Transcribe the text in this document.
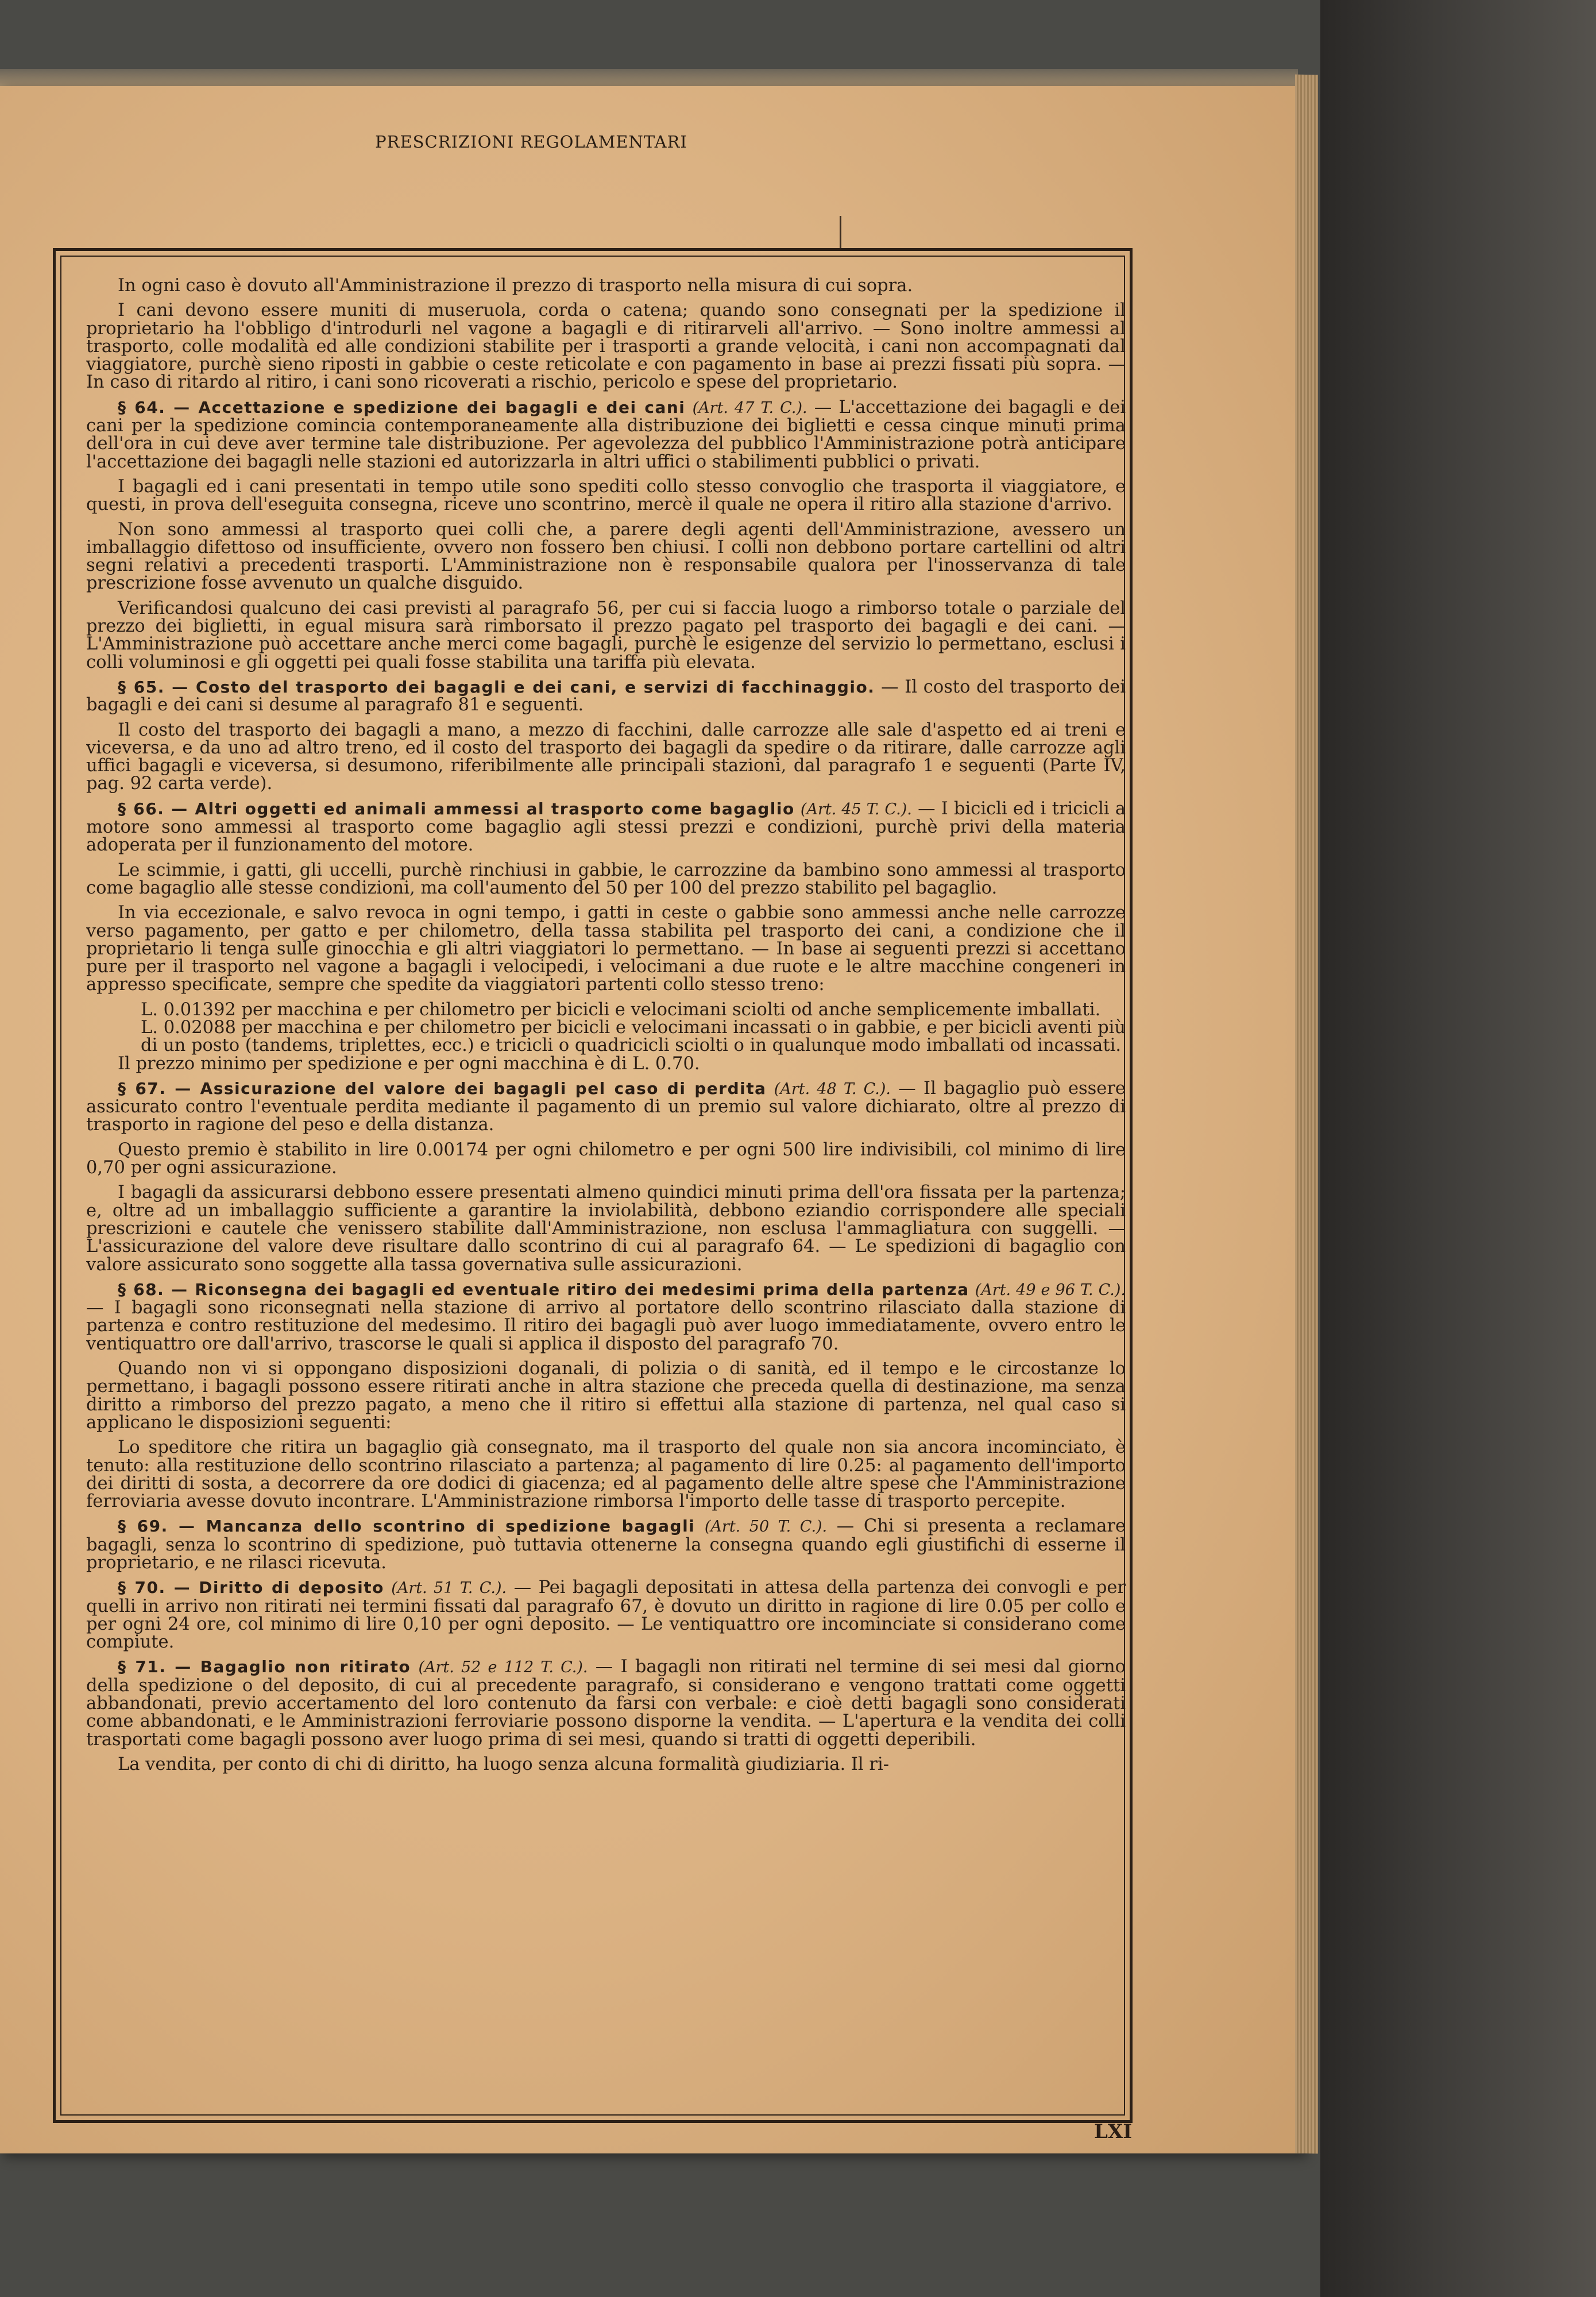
PRESCRIZIONI REGOLAMENTARI

In ogni caso è dovuto all'Amministrazione il prezzo di trasporto nella misura di cui sopra.

I cani devono essere muniti di museruola, corda o catena; quando sono consegnati per la spedizione il proprietario ha l'obbligo d'introdurli nel vagone a bagagli e di ritirarveli all'arrivo. — Sono inoltre ammessi al trasporto, colle modalità ed alle condizioni stabilite per i trasporti a grande velocità, i cani non accompagnati dal viaggiatore, purchè sieno riposti in gabbie o ceste reticolate e con pagamento in base ai prezzi fissati più sopra. — In caso di ritardo al ritiro, i cani sono ricoverati a rischio, pericolo e spese del proprietario.

§ 64. — Accettazione e spedizione dei bagagli e dei cani (Art. 47 T. C.). — L'accettazione dei bagagli e dei cani per la spedizione comincia contemporaneamente alla distribuzione dei biglietti e cessa cinque minuti prima dell'ora in cui deve aver termine tale distribuzione. Per agevolezza del pubblico l'Amministrazione potrà anticipare l'accettazione dei bagagli nelle stazioni ed autorizzarla in altri uffici o stabilimenti pubblici o privati.

I bagagli ed i cani presentati in tempo utile sono spediti collo stesso convoglio che trasporta il viaggiatore, e questi, in prova dell'eseguita consegna, riceve uno scontrino, mercè il quale ne opera il ritiro alla stazione d'arrivo.

Non sono ammessi al trasporto quei colli che, a parere degli agenti dell'Amministrazione, avessero un imballaggio difettoso od insufficiente, ovvero non fossero ben chiusi. I colli non debbono portare cartellini od altri segni relativi a precedenti trasporti. L'Amministrazione non è responsabile qualora per l'inosservanza di tale prescrizione fosse avvenuto un qualche disguido.

Verificandosi qualcuno dei casi previsti al paragrafo 56, per cui si faccia luogo a rimborso totale o parziale del prezzo dei biglietti, in egual misura sarà rimborsato il prezzo pagato pel trasporto dei bagagli e dei cani. — L'Amministrazione può accettare anche merci come bagagli, purchè le esigenze del servizio lo permettano, esclusi i colli voluminosi e gli oggetti pei quali fosse stabilita una tariffa più elevata.

§ 65. — Costo del trasporto dei bagagli e dei cani, e servizi di facchinaggio. — Il costo del trasporto dei bagagli e dei cani si desume al paragrafo 81 e seguenti.

Il costo del trasporto dei bagagli a mano, a mezzo di facchini, dalle carrozze alle sale d'aspetto ed ai treni e viceversa, e da uno ad altro treno, ed il costo del trasporto dei bagagli da spedire o da ritirare, dalle carrozze agli uffici bagagli e viceversa, si desumono, riferibilmente alle principali stazioni, dal paragrafo 1 e seguenti (Parte IV, pag. 92 carta verde).

§ 66. — Altri oggetti ed animali ammessi al trasporto come bagaglio (Art. 45 T. C.). — I bicicli ed i tricicli a motore sono ammessi al trasporto come bagaglio agli stessi prezzi e condizioni, purchè privi della materia adoperata per il funzionamento del motore.

Le scimmie, i gatti, gli uccelli, purchè rinchiusi in gabbie, le carrozzine da bambino sono ammessi al trasporto come bagaglio alle stesse condizioni, ma coll'aumento del 50 per 100 del prezzo stabilito pel bagaglio.

In via eccezionale, e salvo revoca in ogni tempo, i gatti in ceste o gabbie sono ammessi anche nelle carrozze verso pagamento, per gatto e per chilometro, della tassa stabilita pel trasporto dei cani, a condizione che il proprietario li tenga sulle ginocchia e gli altri viaggiatori lo permettano. — In base ai seguenti prezzi si accettano pure per il trasporto nel vagone a bagagli i velocipedi, i velocimani a due ruote e le altre macchine congeneri in appresso specificate, sempre che spedite da viaggiatori partenti collo stesso treno:

L. 0.01392 per macchina e per chilometro per bicicli e velocimani sciolti od anche semplicemente imballati.
L. 0.02088 per macchina e per chilometro per bicicli e velocimani incassati o in gabbie, e per bicicli aventi più di un posto (tandems, triplettes, ecc.) e tricicli o quadricicli sciolti o in qualunque modo imballati od incassati.

Il prezzo minimo per spedizione e per ogni macchina è di L. 0.70.

§ 67. — Assicurazione del valore dei bagagli pel caso di perdita (Art. 48 T. C.). — Il bagaglio può essere assicurato contro l'eventuale perdita mediante il pagamento di un premio sul valore dichiarato, oltre al prezzo di trasporto in ragione del peso e della distanza.

Questo premio è stabilito in lire 0.00174 per ogni chilometro e per ogni 500 lire indivisibili, col minimo di lire 0,70 per ogni assicurazione.

I bagagli da assicurarsi debbono essere presentati almeno quindici minuti prima dell'ora fissata per la partenza; e, oltre ad un imballaggio sufficiente a garantire la inviolabilità, debbono eziandio corrispondere alle speciali prescrizioni e cautele che venissero stabilite dall'Amministrazione, non esclusa l'ammagliatura con suggelli. — L'assicurazione del valore deve risultare dallo scontrino di cui al paragrafo 64. — Le spedizioni di bagaglio con valore assicurato sono soggette alla tassa governativa sulle assicurazioni.

§ 68. — Riconsegna dei bagagli ed eventuale ritiro dei medesimi prima della partenza (Art. 49 e 96 T. C.). — I bagagli sono riconsegnati nella stazione di arrivo al portatore dello scontrino rilasciato dalla stazione di partenza e contro restituzione del medesimo. Il ritiro dei bagagli può aver luogo immediatamente, ovvero entro le ventiquattro ore dall'arrivo, trascorse le quali si applica il disposto del paragrafo 70.

Quando non vi si oppongano disposizioni doganali, di polizia o di sanità, ed il tempo e le circostanze lo permettano, i bagagli possono essere ritirati anche in altra stazione che preceda quella di destinazione, ma senza diritto a rimborso del prezzo pagato, a meno che il ritiro si effettui alla stazione di partenza, nel qual caso si applicano le disposizioni seguenti:

Lo speditore che ritira un bagaglio già consegnato, ma il trasporto del quale non sia ancora incominciato, è tenuto: alla restituzione dello scontrino rilasciato a partenza; al pagamento di lire 0.25: al pagamento dell'importo dei diritti di sosta, a decorrere da ore dodici di giacenza; ed al pagamento delle altre spese che l'Amministrazione ferroviaria avesse dovuto incontrare. L'Amministrazione rimborsa l'importo delle tasse di trasporto percepite.

§ 69. — Mancanza dello scontrino di spedizione bagagli (Art. 50 T. C.). — Chi si presenta a reclamare bagagli, senza lo scontrino di spedizione, può tuttavia ottenerne la consegna quando egli giustifichi di esserne il proprietario, e ne rilasci ricevuta.

§ 70. — Diritto di deposito (Art. 51 T. C.). — Pei bagagli depositati in attesa della partenza dei convogli e per quelli in arrivo non ritirati nei termini fissati dal paragrafo 67, è dovuto un diritto in ragione di lire 0.05 per collo e per ogni 24 ore, col minimo di lire 0,10 per ogni deposito. — Le ventiquattro ore incominciate si considerano come compiute.

§ 71. — Bagaglio non ritirato (Art. 52 e 112 T. C.). — I bagagli non ritirati nel termine di sei mesi dal giorno della spedizione o del deposito, di cui al precedente paragrafo, si considerano e vengono trattati come oggetti abbandonati, previo accertamento del loro contenuto da farsi con verbale: e cioè detti bagagli sono considerati come abbandonati, e le Amministrazioni ferroviarie possono disporne la vendita. — L'apertura e la vendita dei colli trasportati come bagagli possono aver luogo prima di sei mesi, quando si tratti di oggetti deperibili.

La vendita, per conto di chi di diritto, ha luogo senza alcuna formalità giudiziaria. Il ri-

LXI
